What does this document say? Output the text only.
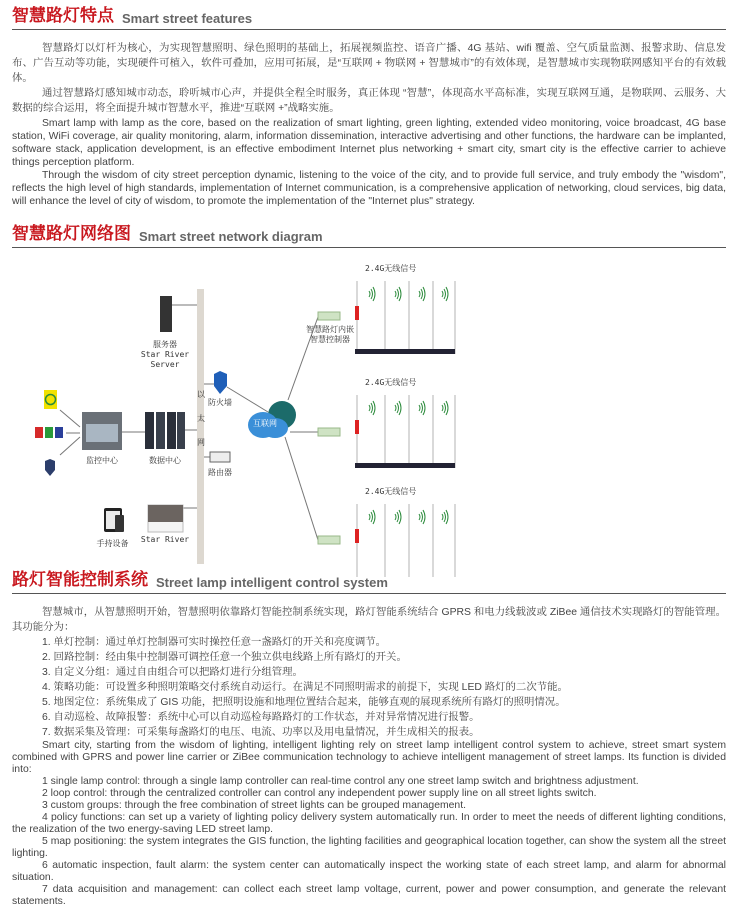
智慧路灯特点 Smart street features

智慧路灯以灯杆为核心，为实现智慧照明、绿色照明的基础上，拓展视频监控、语音广播、4G 基站、wifi 覆盖、空气质量监测、报警求助、信息发布、广告互动等功能，实现硬件可植入，软件可叠加，应用可拓展，是“互联网 + 物联网 + 智慧城市”的有效体现，是智慧城市实现物联网感知平台的有效载体。

通过智慧路灯感知城市动态，聆听城市心声，并提供全程全时服务，真正体现 “智慧”，体现高水平高标准，实现互联网互通，是物联网、云服务、大数据的综合运用，将全面提升城市智慧水平，推进“互联网 +”战略实施。

Smart lamp with lamp as the core, based on the realization of smart lighting, green lighting, extended video monitoring, voice broadcast, 4G base station, WiFi coverage, air quality monitoring, alarm, information dissemination, interactive advertising and other functions, the hardware can be implanted, software stack, application development, is an effective embodiment Internet plus networking + smart city, smart city is the effective carrier to achieve things perception platform.

Through the wisdom of city street perception dynamic, listening to the voice of the city, and to provide full service, and truly embody the "wisdom", reflects the high level of high standards, implementation of Internet communication, is a comprehensive application of networking, cloud services, big data, will enhance the level of city of wisdom, to promote the implementation of the "Internet plus" strategy.

智慧路灯网络图 Smart street network diagram
服务器
Star River
Server
监控中心	数据中心
手持设备	Star River
以
太
网
防火墙
路由器
互联网
智慧路灯内嵌
智慧控制器
2.4G无线信号
2.4G无线信号
2.4G无线信号
路灯智能控制系统 Street lamp intelligent control system

智慧城市，从智慧照明开始，智慧照明依靠路灯智能控制系统实现，路灯智能系统结合 GPRS 和电力线载波或 ZiBee 通信技术实现路灯的智能管理。其功能分为：

1. 单灯控制：通过单灯控制器可实时操控任意一盏路灯的开关和亮度调节。

2. 回路控制：经由集中控制器可调控任意一个独立供电线路上所有路灯的开关。

3. 自定义分组：通过自由组合可以把路灯进行分组管理。

4. 策略功能：可设置多种照明策略交付系统自动运行。在满足不同照明需求的前提下，实现 LED 路灯的二次节能。

5. 地图定位：系统集成了 GIS 功能，把照明设施和地理位置结合起来，能够直观的展现系统所有路灯的照明情况。

6. 自动巡检、故障报警：系统中心可以自动巡检每路路灯的工作状态，并对异常情况进行报警。

7. 数据采集及管理：可采集每盏路灯的电压、电流、功率以及用电量情况，并生成相关的报表。

Smart city, starting from the wisdom of lighting, intelligent lighting rely on street lamp intelligent control system to achieve, street smart system combined with GPRS and power line carrier or ZiBee communication technology to achieve intelligent management of street lamps. Its function is divided into:

1 single lamp control: through a single lamp controller can real-time control any one street lamp switch and brightness adjustment.

2 loop control: through the centralized controller can control any independent power supply line on all street lights switch.

3 custom groups: through the free combination of street lights can be grouped management.

4 policy functions: can set up a variety of lighting policy delivery system automatically run. In order to meet the needs of different lighting conditions, the realization of the two energy-saving LED street lamp.

5 map positioning: the system integrates the GIS function, the lighting facilities and geographical location together, can show the system all the street lighting.

6 automatic inspection, fault alarm: the system center can automatically inspect the working state of each street lamp, and alarm for abnormal situation.

7 data acquisition and management: can collect each street lamp voltage, current, power and power consumption, and generate the relevant statements.
